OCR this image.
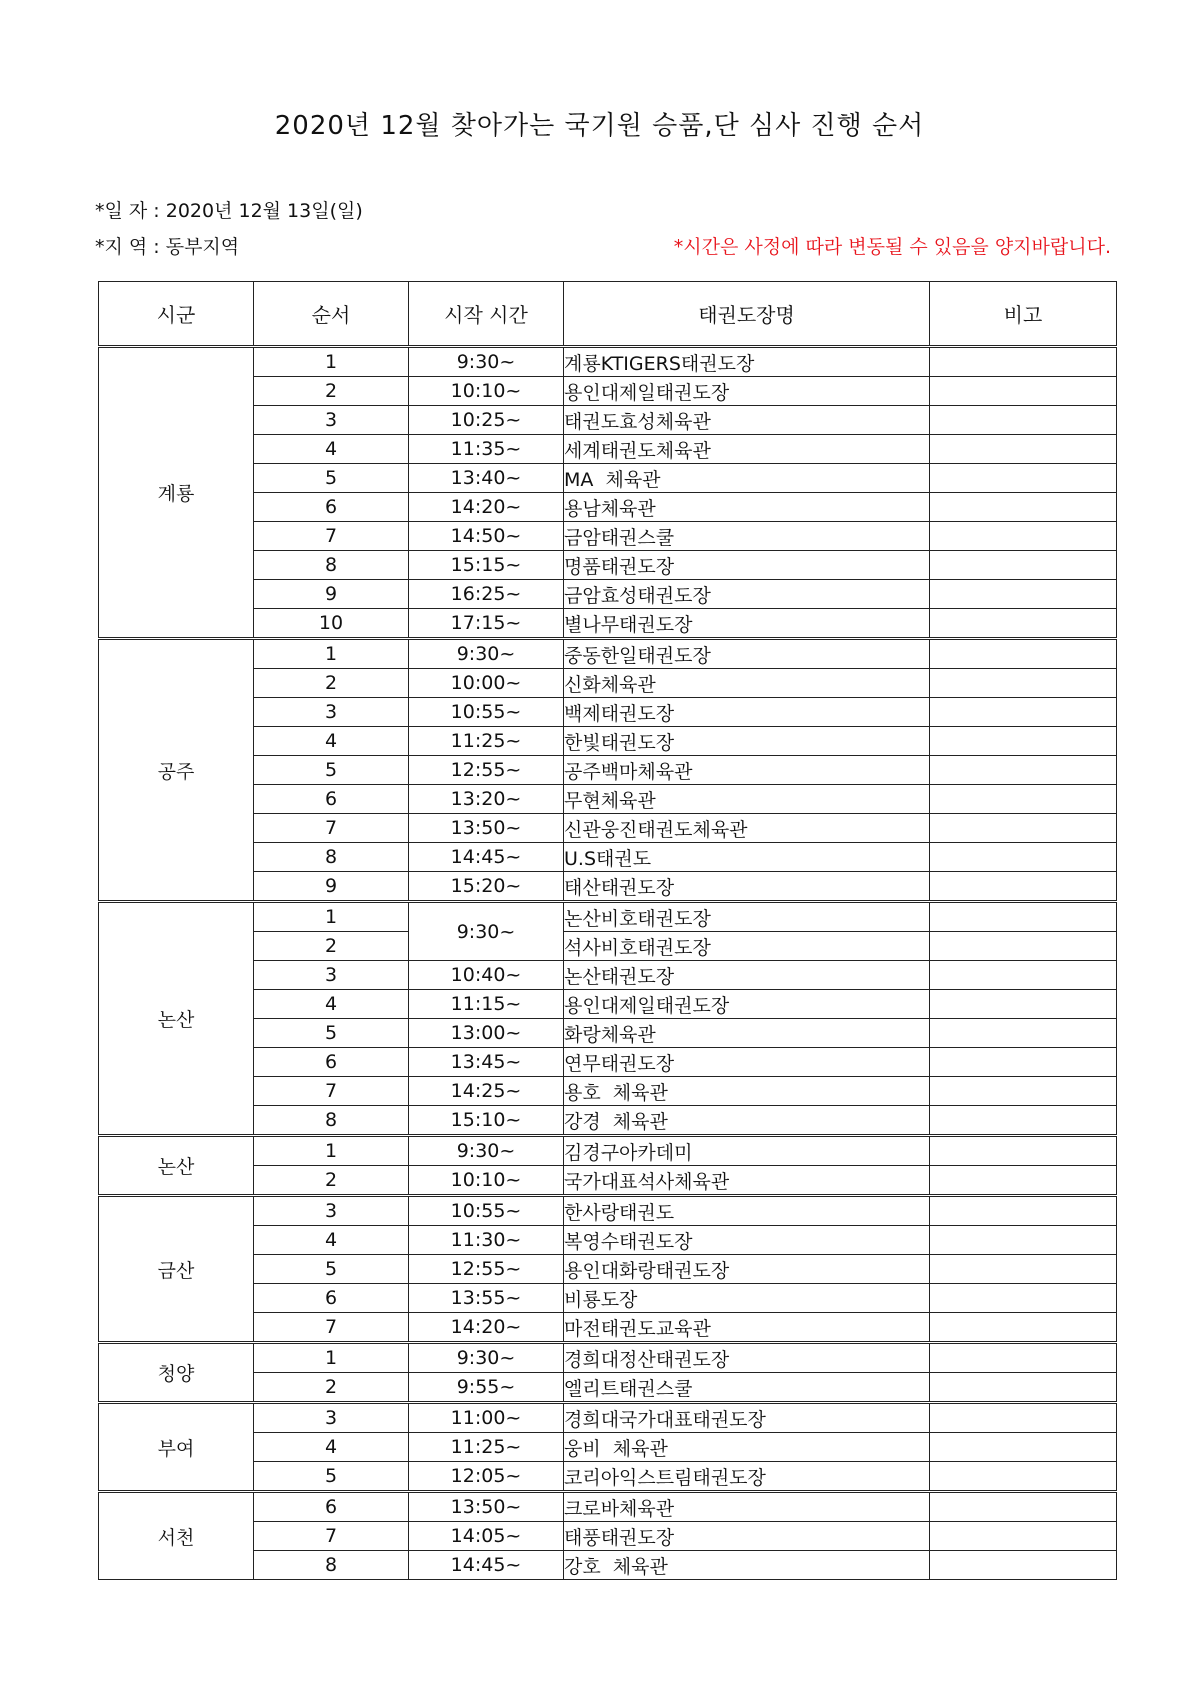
2020년 12월 찾아가는 국기원 승품,단 심사 진행 순서
*일 자 : 2020년 12월 13일(일)
*지 역 : 동부지역	*시간은 사정에 따라 변동될 수 있음을 양지바랍니다.
시군	순서	시작 시간	태권도장명	비고
계룡	1	9:30~	계룡KTIGERS태권도장	
	2	10:10~	용인대제일태권도장	
	3	10:25~	태권도효성체육관	
	4	11:35~	세계태권도체육관	
	5	13:40~	MA  체육관	
	6	14:20~	용남체육관	
	7	14:50~	금암태권스쿨	
	8	15:15~	명품태권도장	
	9	16:25~	금암효성태권도장	
	10	17:15~	별나무태권도장	
공주	1	9:30~	중동한일태권도장	
	2	10:00~	신화체육관	
	3	10:55~	백제태권도장	
	4	11:25~	한빛태권도장	
	5	12:55~	공주백마체육관	
	6	13:20~	무현체육관	
	7	13:50~	신관웅진태권도체육관	
	8	14:45~	U.S태권도	
	9	15:20~	태산태권도장	
논산	1	9:30~	논산비호태권도장	
	2		석사비호태권도장	
	3	10:40~	논산태권도장	
	4	11:15~	용인대제일태권도장	
	5	13:00~	화랑체육관	
	6	13:45~	연무태권도장	
	7	14:25~	용호  체육관	
	8	15:10~	강경  체육관	
논산	1	9:30~	김경구아카데미	
	2	10:10~	국가대표석사체육관	
금산	3	10:55~	한사랑태권도	
	4	11:30~	복영수태권도장	
	5	12:55~	용인대화랑태권도장	
	6	13:55~	비룡도장	
	7	14:20~	마전태권도교육관	
청양	1	9:30~	경희대정산태권도장	
	2	9:55~	엘리트태권스쿨	
부여	3	11:00~	경희대국가대표태권도장	
	4	11:25~	웅비  체육관	
	5	12:05~	코리아익스트림태권도장	
서천	6	13:50~	크로바체육관	
	7	14:05~	태풍태권도장	
	8	14:45~	강호  체육관	
